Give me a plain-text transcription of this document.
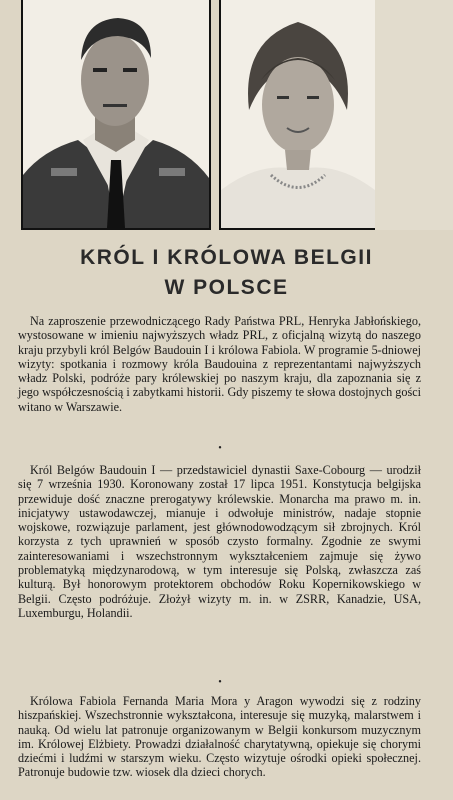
KRÓL I KRÓLOWA BELGII
W POLSCE

Na zaproszenie przewodniczącego Rady Państwa PRL, Henryka Jabłońskiego, wystosowane w imieniu najwyższych władz PRL, z oficjalną wizytą do naszego kraju przybyli król Belgów Baudouin I i królowa Fabiola. W programie 5-dniowej wizyty: spotkania i rozmowy króla Baudouina z reprezentantami najwyższych władz Polski, podróże pary królewskiej po naszym kraju, dla zapoznania się z jego współczesnością i zabytkami historii. Gdy piszemy te słowa dostojnych gości witano w Warszawie.

•

Król Belgów Baudouin I — przedstawiciel dynastii Saxe-Cobourg — urodził się 7 września 1930. Koronowany został 17 lipca 1951. Konstytucja belgijska przewiduje dość znaczne prerogatywy królewskie. Monarcha ma prawo m. in. inicjatywy ustawodawczej, mianuje i odwołuje ministrów, nadaje stopnie wojskowe, rozwiązuje parlament, jest głównodowodzącym sił zbrojnych. Król korzysta z tych uprawnień w sposób czysto formalny. Zgodnie ze swymi zainteresowaniami i wszechstronnym wykształceniem zajmuje się żywo problematyką międzynarodową, w tym interesuje się Polską, zwłaszcza zaś kulturą. Był honorowym protektorem obchodów Roku Kopernikowskiego w Belgii. Często podróżuje. Złożył wizyty m. in. w ZSRR, Kanadzie, USA, Luxemburgu, Holandii.

•

Królowa Fabiola Fernanda Maria Mora y Aragon wywodzi się z rodziny hiszpańskiej. Wszechstronnie wykształcona, interesuje się muzyką, malarstwem i nauką. Od wielu lat patronuje organizowanym w Belgii konkursom muzycznym im. Królowej Elżbiety. Prowadzi działalność charytatywną, opiekuje się chorymi dziećmi i ludźmi w starszym wieku. Często wizytuje ośrodki opieki społecznej. Patronuje budowie tzw. wiosek dla dzieci chorych.
